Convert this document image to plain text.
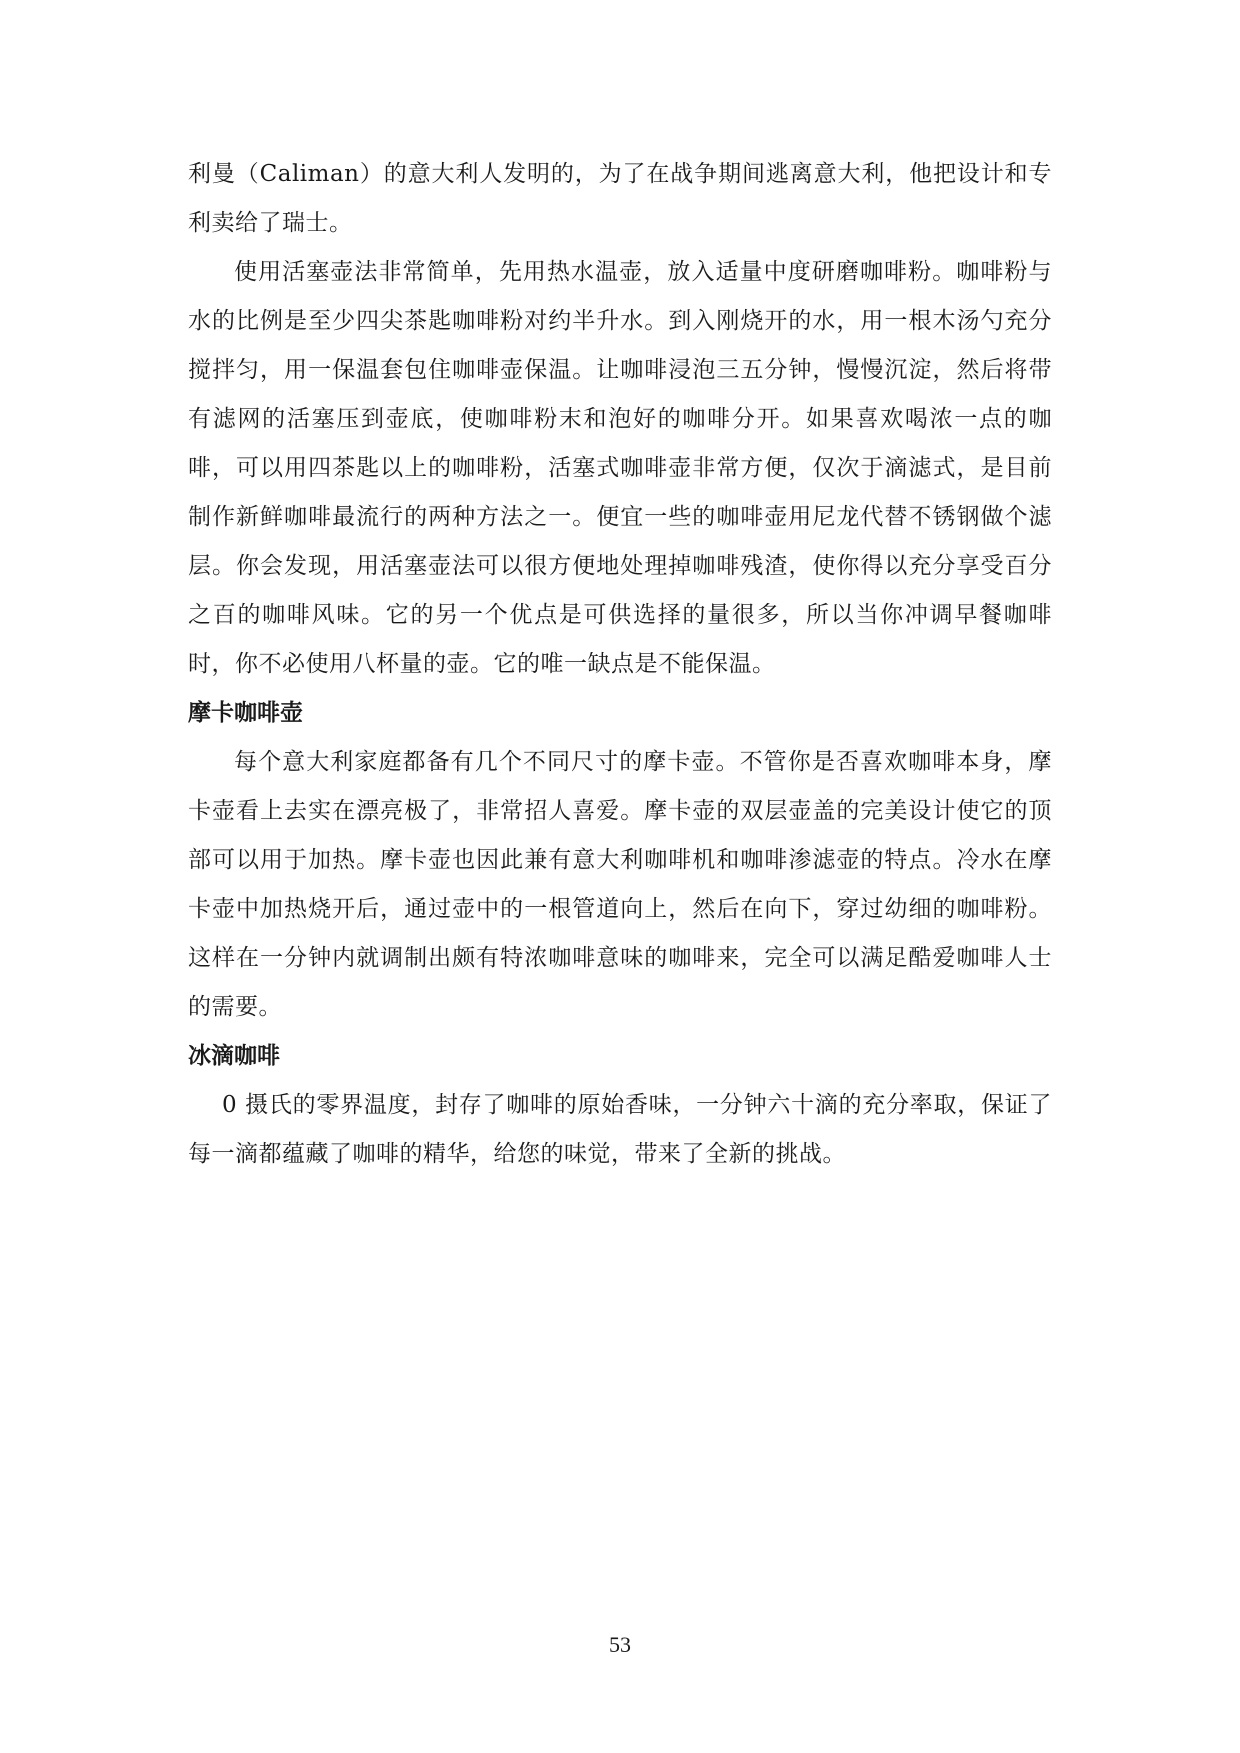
利曼（Caliman）的意大利人发明的，为了在战争期间逃离意大利，他把设计和专利卖给了瑞士。

使用活塞壶法非常简单，先用热水温壶，放入适量中度研磨咖啡粉。咖啡粉与水的比例是至少四尖茶匙咖啡粉对约半升水。到入刚烧开的水，用一根木汤勺充分搅拌匀，用一保温套包住咖啡壶保温。让咖啡浸泡三五分钟，慢慢沉淀，然后将带有滤网的活塞压到壶底，使咖啡粉末和泡好的咖啡分开。如果喜欢喝浓一点的咖啡，可以用四茶匙以上的咖啡粉，活塞式咖啡壶非常方便，仅次于滴滤式，是目前制作新鲜咖啡最流行的两种方法之一。便宜一些的咖啡壶用尼龙代替不锈钢做个滤层。你会发现，用活塞壶法可以很方便地处理掉咖啡残渣，使你得以充分享受百分之百的咖啡风味。它的另一个优点是可供选择的量很多，所以当你冲调早餐咖啡时，你不必使用八杯量的壶。它的唯一缺点是不能保温。

摩卡咖啡壶

每个意大利家庭都备有几个不同尺寸的摩卡壶。不管你是否喜欢咖啡本身，摩卡壶看上去实在漂亮极了，非常招人喜爱。摩卡壶的双层壶盖的完美设计使它的顶部可以用于加热。摩卡壶也因此兼有意大利咖啡机和咖啡渗滤壶的特点。冷水在摩卡壶中加热烧开后，通过壶中的一根管道向上，然后在向下，穿过幼细的咖啡粉。这样在一分钟内就调制出颇有特浓咖啡意味的咖啡来，完全可以满足酷爱咖啡人士的需要。

冰滴咖啡

0 摄氏的零界温度，封存了咖啡的原始香味，一分钟六十滴的充分率取，保证了每一滴都蕴藏了咖啡的精华，给您的味觉，带来了全新的挑战。

53
